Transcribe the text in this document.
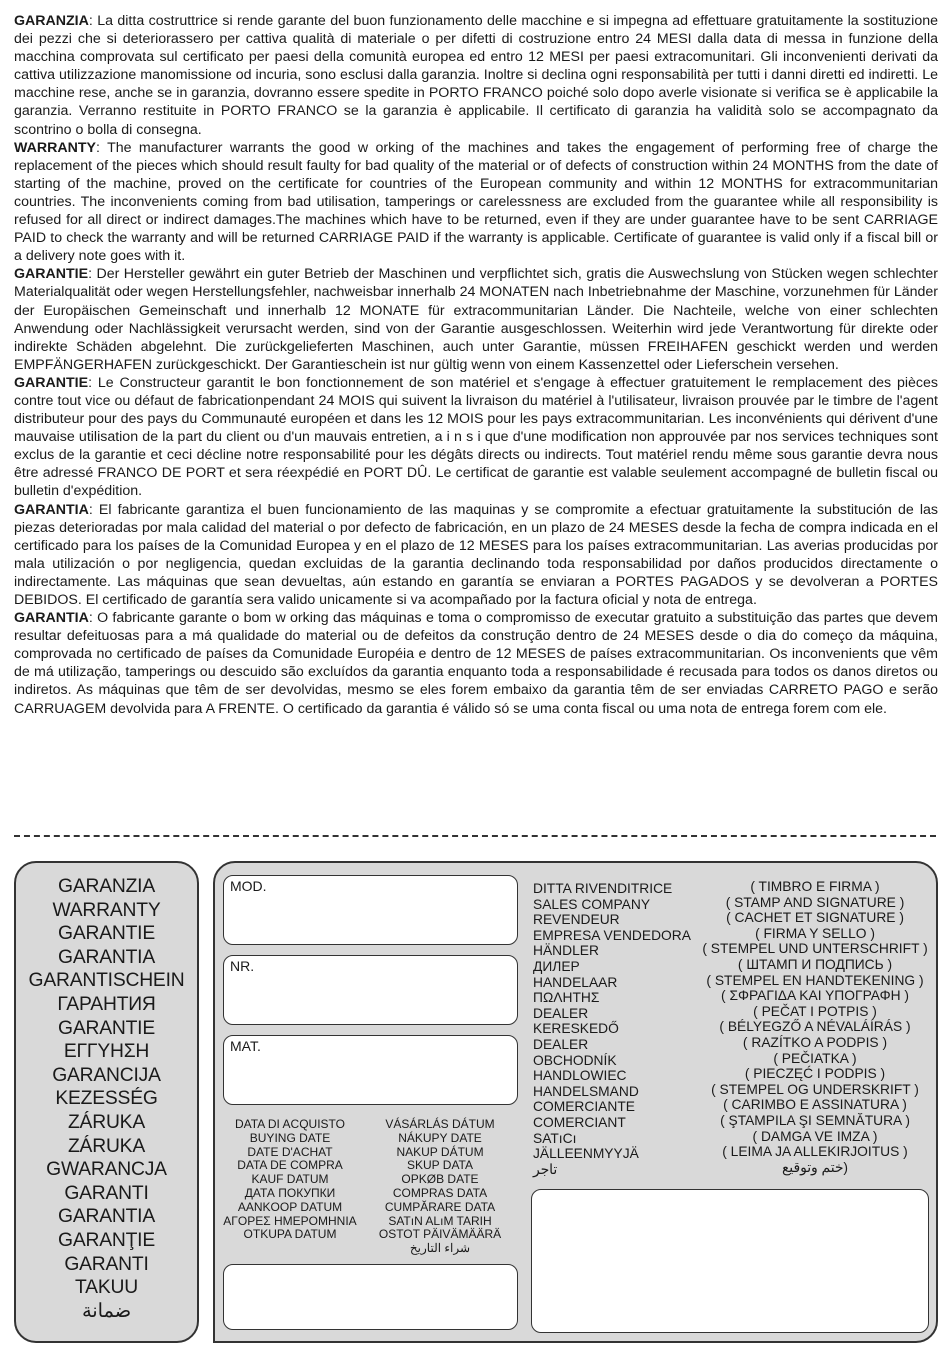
GARANZIA: La ditta costruttrice si rende garante del buon funzionamento delle macchine e si impegna ad effettuare gratuitamente la sostituzione dei pezzi che si deteriorassero per cattiva qualità di materiale o per difetti di costruzione entro 24 MESI dalla data di messa in funzione della macchina comprovata sul certificato per paesi della comunità europea ed entro 12 MESI per paesi extracomunitari. Gli inconvenienti derivati da cattiva utilizzazione manomissione od incuria, sono esclusi dalla garanzia. Inoltre si declina ogni responsabilità per tutti i danni diretti ed indiretti. Le macchine rese, anche se in garanzia, dovranno essere spedite in PORTO FRANCO poiché solo dopo averle visionate si verifica se è applicabile la garanzia. Verranno restituite in PORTO FRANCO se la garanzia è applicabile. Il certificato di garanzia ha validità solo se accompagnato da scontrino o bolla di consegna.

WARRANTY: The manufacturer warrants the good w orking of the machines and takes the engagement of performing free of charge the replacement of the pieces which should result faulty for bad quality of the material or of defects of construction within 24 MONTHS from the date of starting of the machine, proved on the certificate for countries of the European community and within 12 MONTHS for extracommunitarian countries. The inconvenients coming from bad utilisation, tamperings or carelessness are excluded from the guarantee while all responsibility is refused for all direct or indirect damages.The machines which have to be returned, even if they are under guarantee have to be sent CARRIAGE PAID to check the warranty and will be returned CARRIAGE PAID if the warranty is applicable. Certificate of guarantee is valid only if a fiscal bill or a delivery note goes with it.

GARANTIE: Der Hersteller gewährt ein guter Betrieb der Maschinen und verpflichtet sich, gratis die Auswechslung von Stücken wegen schlechter Materialqualität oder wegen Herstellungsfehler, nachweisbar innerhalb 24 MONATEN nach Inbetriebnahme der Maschine, vorzunehmen für Länder der Europäischen Gemeinschaft und innerhalb 12 MONATE für extracommunitarian Länder. Die Nachteile, welche von einer schlechten Anwendung oder Nachlässigkeit verursacht werden, sind von der Garantie ausgeschlossen. Weiterhin wird jede Verantwortung für direkte oder indirekte Schäden abgelehnt. Die zurückgelieferten Maschinen, auch unter Garantie, müssen FREIHAFEN geschickt werden und werden EMPFÄNGERHAFEN zurückgeschickt. Der Garantieschein ist nur gültig wenn von einem Kassenzettel oder Lieferschein versehen.

GARANTIE: Le Constructeur garantit le bon fonctionnement de son matériel et s'engage à effectuer gratuitement le remplacement des pièces contre tout vice ou défaut de fabricationpendant 24 MOIS qui suivent la livraison du matériel à l'utilisateur, livraison prouvée par le timbre de l'agent distributeur pour des pays du Communauté européen et dans les 12 MOIS pour les pays extracommunitarian. Les inconvénients qui dérivent d'une mauvaise utilisation de la part du client ou d'un mauvais entretien, a i n s i que d'une modification non approuvée par nos services techniques sont exclus de la garantie et ceci décline notre responsabilité pour les dégâts directs ou indirects. Tout matériel rendu même sous garantie devra nous être adressé FRANCO DE PORT et sera réexpédié en PORT DÛ. Le certificat de garantie est valable seulement accompagné de bulletin fiscal ou bulletin d'expédition.

GARANTIA: El fabricante garantiza el buen funcionamiento de las maquinas y se compromite a efectuar gratuitamente la substitución de las piezas deterioradas por mala calidad del material o por defecto de fabricación, en un plazo de 24 MESES desde la fecha de compra indicada en el certificado para los países de la Comunidad Europea y en el plazo de 12 MESES para los países extracommunitarian. Las averias producidas por mala utilización o por negligencia, quedan excluidas de la garantia declinando toda responsabilidad por daños producidos directamente o indirectamente. Las máquinas que sean devueltas, aún estando en garantía se enviaran a PORTES PAGADOS y se devolveran a PORTES DEBIDOS. El certificado de garantía sera valido unicamente si va acompañado por la factura oficial y nota de entrega.

GARANTIA: O fabricante garante o bom w orking das máquinas e toma o compromisso de executar gratuito a substituição das partes que devem resultar defeituosas para a má qualidade do material ou de defeitos da construção dentro de 24 MESES desde o dia do começo da máquina, comprovada no certificado de países da Comunidade Européia e dentro de 12 MESES de países extracommunitarian. Os inconvenients que vêm de má utilização, tamperings ou descuido são excluídos da garantia enquanto toda a responsabilidade é recusada para todos os danos diretos ou indiretos. As máquinas que têm de ser devolvidas, mesmo se eles forem embaixo da garantia têm de ser enviadas CARRETO PAGO e serão CARRUAGEM devolvida para A FRENTE. O certificado da garantia é válido só se uma conta fiscal ou uma nota de entrega forem com ele.

GARANZIA
WARRANTY
GARANTIE
GARANTIA
GARANTISCHEIN
ГАРАНТИЯ
GARANTIE
ΕΓΓΥΗΣΗ
GARANCIJA
KEZESSÉG
ZÁRUKA
ZÁRUKA
GWARANCJA
GARANTI
GARANTIA
GARANŢIE
GARANTI
TAKUU
ضمانة
MOD.
NR.
MAT.
DATA DI ACQUISTO
BUYING DATE
DATE D'ACHAT
DATA DE COMPRA
KAUF DATUM
ДАТА ПОКУПКИ
AANKOOP DATUM
ΑΓΟΡΕΣ ΗΜΕΡΟΜΗΝΙΑ
OTKUPA DATUM
VÁSÁRLÁS DÁTUM
NÁKUPY DATE
NAKUP DÁTUM
SKUP DATA
OPKØB DATE
COMPRAS DATA
CUMPĂRARE DATA
SATıN ALıM TARIH
OSTOT PÄIVÄMÄÄRÄ
شراء التاريخ
DITTA RIVENDITRICE
SALES COMPANY
REVENDEUR
EMPRESA VENDEDORA
HÄNDLER
ДИЛЕР
HANDELAAR
ΠΩΛΗΤΗΣ
DEALER
KERESKEDŐ
DEALER
OBCHODNÍK
HANDLOWIEC
HANDELSMAND
COMERCIANTE
COMERCIANT
SATıCı
JÄLLEENMYYJÄ
تاجر
( TIMBRO E FIRMA )
( STAMP AND SIGNATURE )
( CACHET ET SIGNATURE )
( FIRMA Y SELLO )
( STEMPEL UND UNTERSCHRIFT )
( ШТАМП И ПОДПИСЬ )
( STEMPEL EN HANDTEKENING )
( ΣΦΡΑΓΙΔΑ ΚΑΙ ΥΠΟΓΡΑΦΗ )
( PEČAT I POTPIS )
( BÉLYEGZŐ A NÉVALÁÍRÁS )
( RAZÍTKO A PODPIS )
( PEČIATKA )
( PIECZĘĆ I PODPIS )
( STEMPEL OG UNDERSKRIFT )
( CARIMBO E ASSINATURA )
( ŞTAMPILA ŞI SEMNĂTURA )
( DAMGA VE IMZA )
( LEIMA JA ALLEKIRJOITUS )
(ختم وتوقيع
